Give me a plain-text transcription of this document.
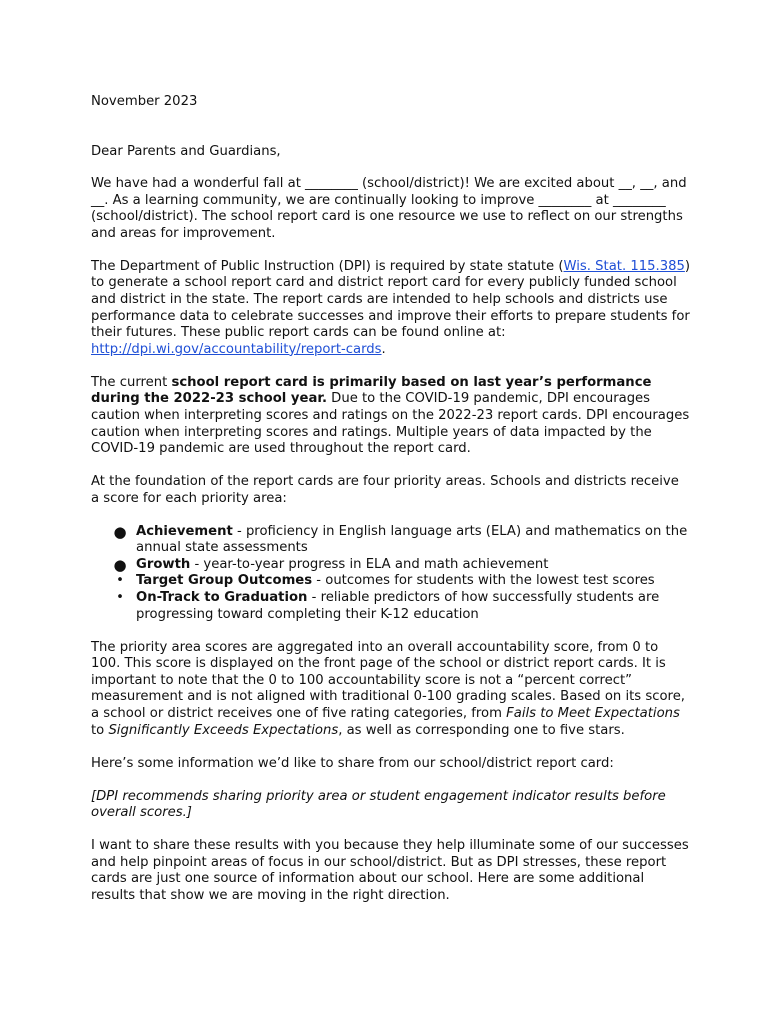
November 2023
Dear Parents and Guardians,

We have had a wonderful fall at ________ (school/district)! We are excited about __, __, and __. As a learning community, we are continually looking to improve ________ at ________ (school/district). The school report card is one resource we use to reflect on our strengths and areas for improvement.

The Department of Public Instruction (DPI) is required by state statute (Wis. Stat. 115.385) to generate a school report card and district report card for every publicly funded school and district in the state. The report cards are intended to help schools and districts use performance data to celebrate successes and improve their efforts to prepare students for their futures. These public report cards can be found online at: http://dpi.wi.gov/accountability/report-cards.

The current school report card is primarily based on last year’s performance during the 2022-23 school year. Due to the COVID-19 pandemic, DPI encourages caution when interpreting scores and ratings on the 2022-23 report cards. DPI encourages caution when interpreting scores and ratings. Multiple years of data impacted by the COVID-19 pandemic are used throughout the report card.

At the foundation of the report cards are four priority areas. Schools and districts receive a score for each priority area:

● Achievement - proficiency in English language arts (ELA) and mathematics on the annual state assessments
● Growth - year-to-year progress in ELA and math achievement
• Target Group Outcomes - outcomes for students with the lowest test scores
• On-Track to Graduation - reliable predictors of how successfully students are progressing toward completing their K-12 education

The priority area scores are aggregated into an overall accountability score, from 0 to 100. This score is displayed on the front page of the school or district report cards. It is important to note that the 0 to 100 accountability score is not a “percent correct” measurement and is not aligned with traditional 0-100 grading scales. Based on its score, a school or district receives one of five rating categories, from Fails to Meet Expectations to Significantly Exceeds Expectations, as well as corresponding one to five stars.

Here’s some information we’d like to share from our school/district report card:

[DPI recommends sharing priority area or student engagement indicator results before overall scores.]

I want to share these results with you because they help illuminate some of our successes and help pinpoint areas of focus in our school/district. But as DPI stresses, these report cards are just one source of information about our school. Here are some additional results that show we are moving in the right direction.
